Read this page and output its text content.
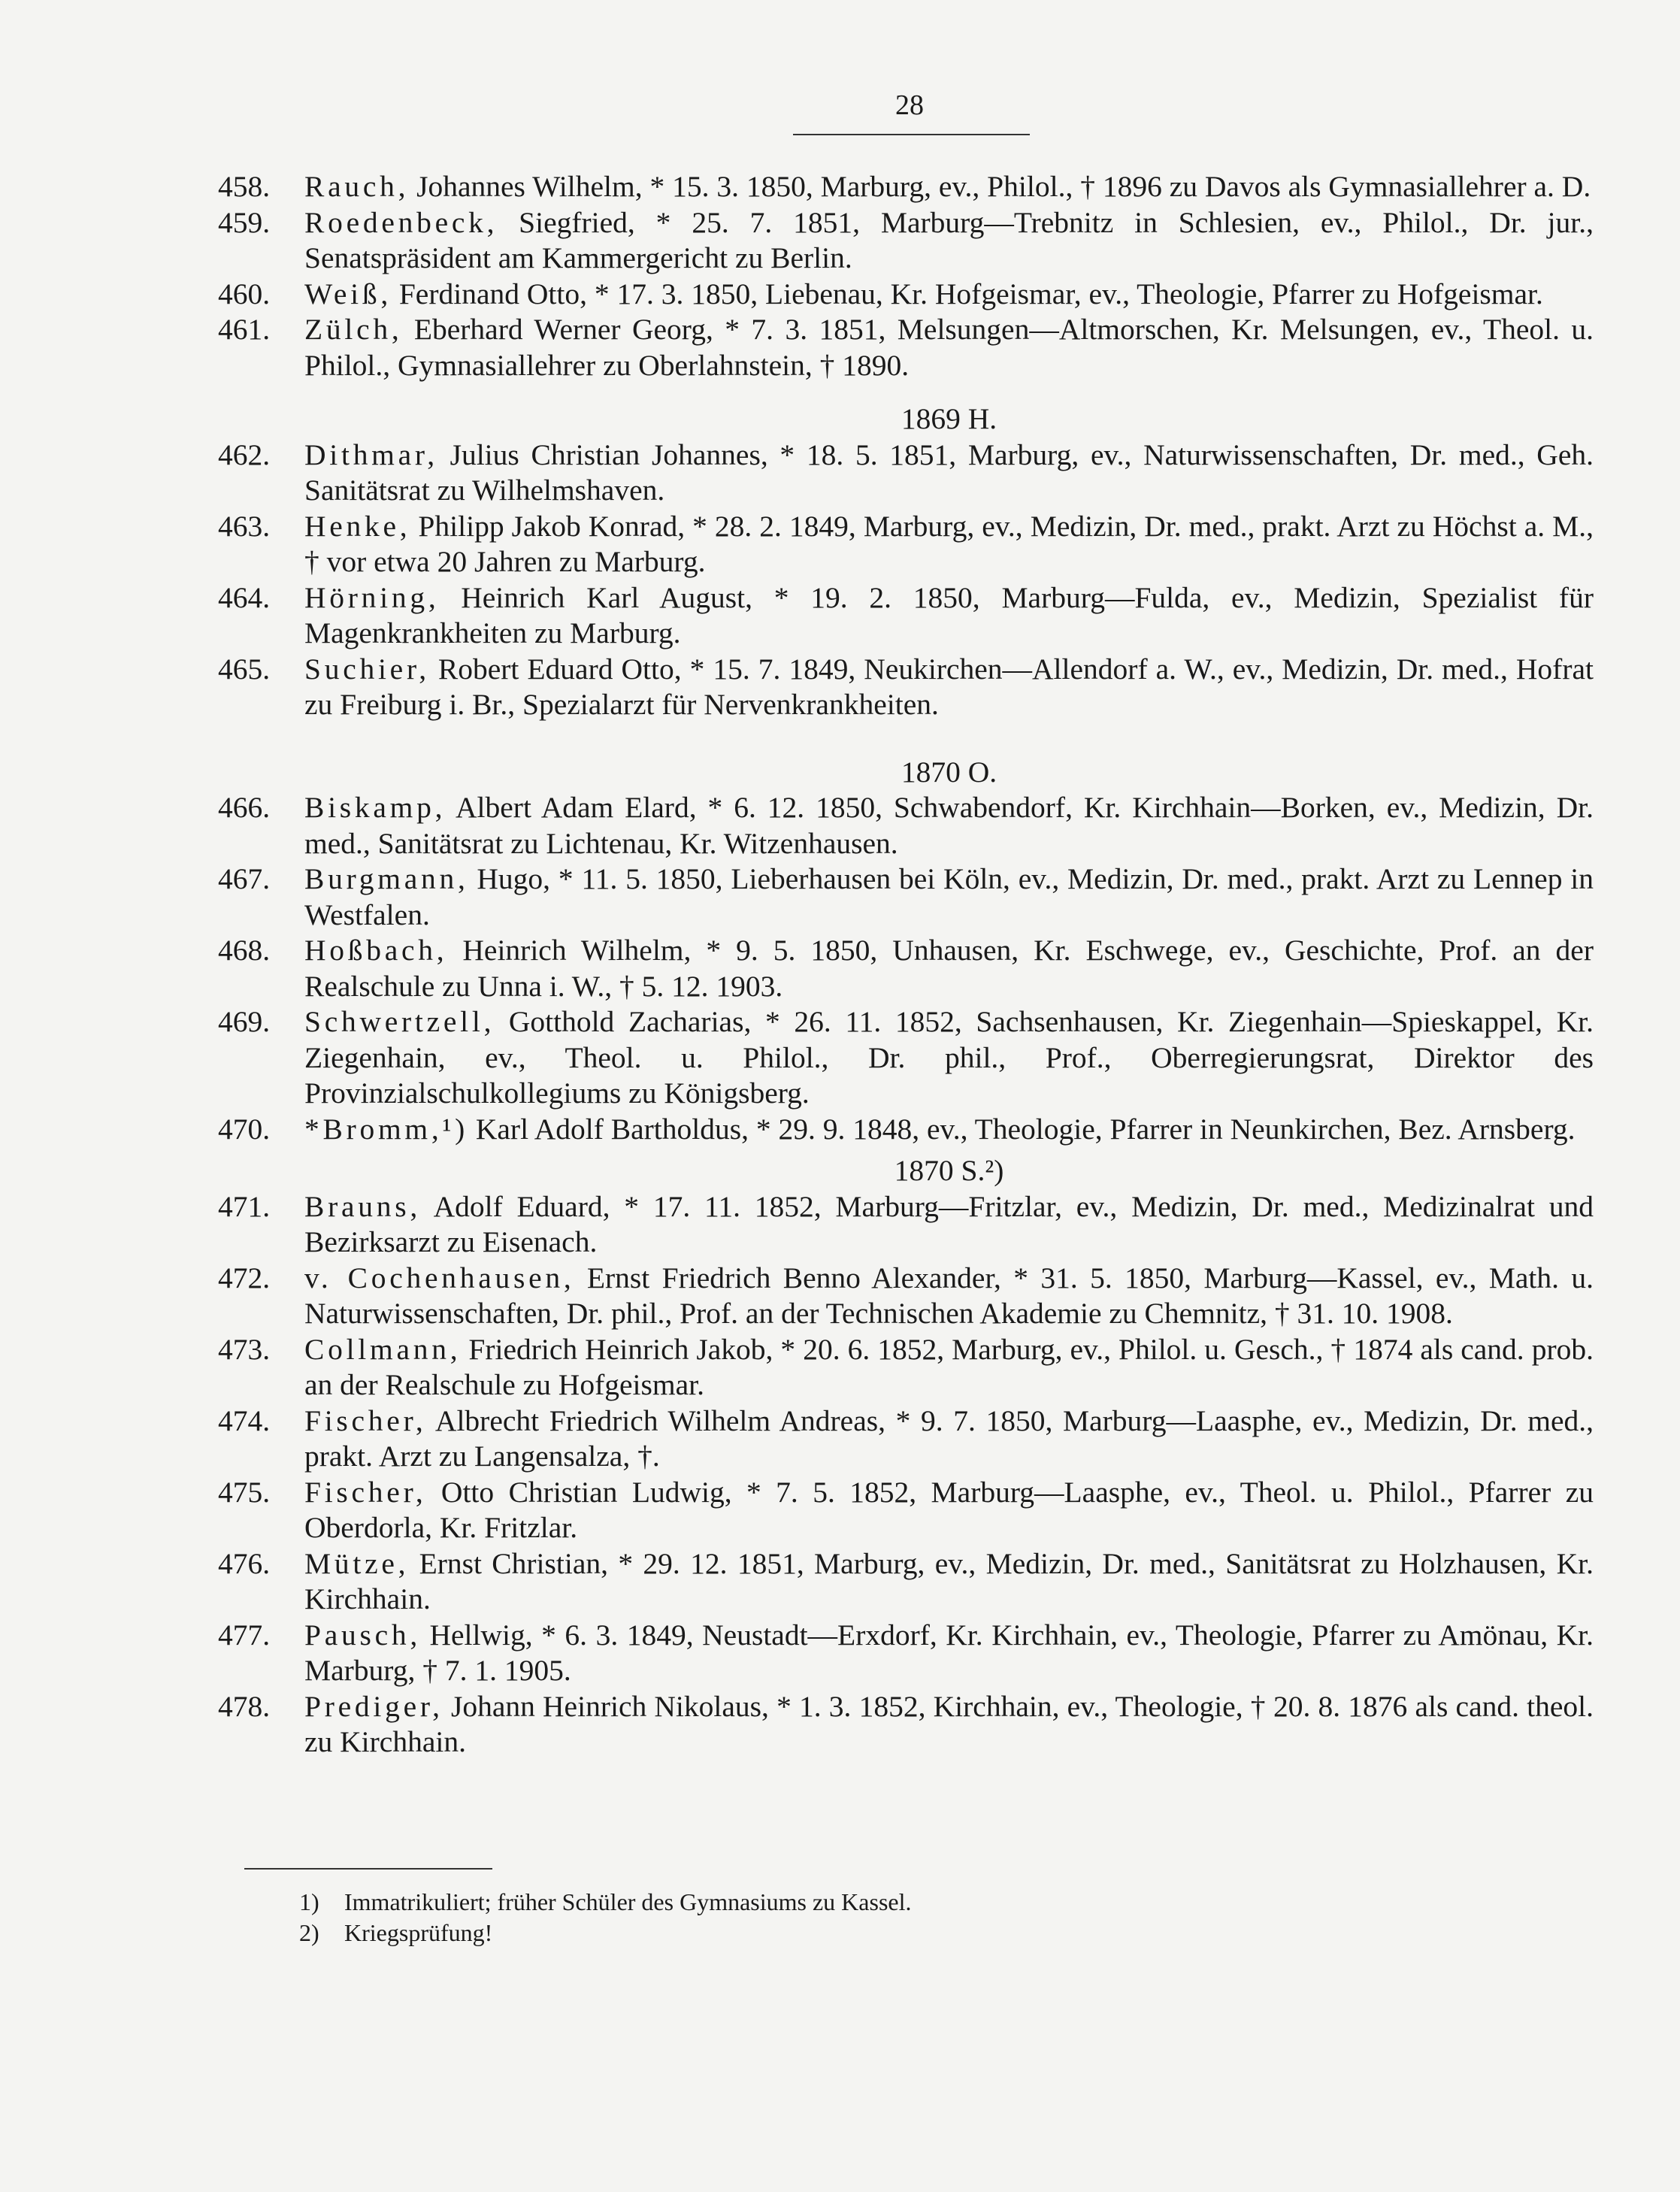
28
458.	Rauch, Johannes Wilhelm, * 15. 3. 1850, Marburg, ev., Philol., † 1896 zu Davos als Gymnasiallehrer a. D.
459.	Roedenbeck, Siegfried, * 25. 7. 1851, Marburg—Trebnitz in Schlesien, ev., Philol., Dr. jur., Senatspräsident am Kammergericht zu Berlin.
460.	Weiß, Ferdinand Otto, * 17. 3. 1850, Liebenau, Kr. Hofgeismar, ev., Theologie, Pfarrer zu Hofgeismar.
461.	Zülch, Eberhard Werner Georg, * 7. 3. 1851, Melsungen—Altmorschen, Kr. Melsungen, ev., Theol. u. Philol., Gymnasiallehrer zu Oberlahnstein, † 1890.
1869 H.
462.	Dithmar, Julius Christian Johannes, * 18. 5. 1851, Marburg, ev., Naturwissenschaften, Dr. med., Geh. Sanitätsrat zu Wilhelmshaven.
463.	Henke, Philipp Jakob Konrad, * 28. 2. 1849, Marburg, ev., Medizin, Dr. med., prakt. Arzt zu Höchst a. M., † vor etwa 20 Jahren zu Marburg.
464.	Hörning, Heinrich Karl August, * 19. 2. 1850, Marburg—Fulda, ev., Medizin, Spezialist für Magenkrankheiten zu Marburg.
465.	Suchier, Robert Eduard Otto, * 15. 7. 1849, Neukirchen—Allendorf a. W., ev., Medizin, Dr. med., Hofrat zu Freiburg i. Br., Spezialarzt für Nervenkrankheiten.
1870 O.
466.	Biskamp, Albert Adam Elard, * 6. 12. 1850, Schwabendorf, Kr. Kirchhain—Borken, ev., Medizin, Dr. med., Sanitätsrat zu Lichtenau, Kr. Witzenhausen.
467.	Burgmann, Hugo, * 11. 5. 1850, Lieberhausen bei Köln, ev., Medizin, Dr. med., prakt. Arzt zu Lennep in Westfalen.
468.	Hoßbach, Heinrich Wilhelm, * 9. 5. 1850, Unhausen, Kr. Eschwege, ev., Geschichte, Prof. an der Realschule zu Unna i. W., † 5. 12. 1903.
469.	Schwertzell, Gotthold Zacharias, * 26. 11. 1852, Sachsenhausen, Kr. Ziegenhain—Spieskappel, Kr. Ziegenhain, ev., Theol. u. Philol., Dr. phil., Prof., Oberregierungsrat, Direktor des Provinzialschulkollegiums zu Königsberg.
470.	*Bromm,¹) Karl Adolf Bartholdus, * 29. 9. 1848, ev., Theologie, Pfarrer in Neunkirchen, Bez. Arnsberg.
1870 S.²)
471.	Brauns, Adolf Eduard, * 17. 11. 1852, Marburg—Fritzlar, ev., Medizin, Dr. med., Medizinalrat und Bezirksarzt zu Eisenach.
472.	v. Cochenhausen, Ernst Friedrich Benno Alexander, * 31. 5. 1850, Marburg—Kassel, ev., Math. u. Naturwissenschaften, Dr. phil., Prof. an der Technischen Akademie zu Chemnitz, † 31. 10. 1908.
473.	Collmann, Friedrich Heinrich Jakob, * 20. 6. 1852, Marburg, ev., Philol. u. Gesch., † 1874 als cand. prob. an der Realschule zu Hofgeismar.
474.	Fischer, Albrecht Friedrich Wilhelm Andreas, * 9. 7. 1850, Marburg—Laasphe, ev., Medizin, Dr. med., prakt. Arzt zu Langensalza, †.
475.	Fischer, Otto Christian Ludwig, * 7. 5. 1852, Marburg—Laasphe, ev., Theol. u. Philol., Pfarrer zu Oberdorla, Kr. Fritzlar.
476.	Mütze, Ernst Christian, * 29. 12. 1851, Marburg, ev., Medizin, Dr. med., Sanitätsrat zu Holzhausen, Kr. Kirchhain.
477.	Pausch, Hellwig, * 6. 3. 1849, Neustadt—Erxdorf, Kr. Kirchhain, ev., Theologie, Pfarrer zu Amönau, Kr. Marburg, † 7. 1. 1905.
478.	Prediger, Johann Heinrich Nikolaus, * 1. 3. 1852, Kirchhain, ev., Theologie, † 20. 8. 1876 als cand. theol. zu Kirchhain.
1)	Immatrikuliert; früher Schüler des Gymnasiums zu Kassel.
2)	Kriegsprüfung!
